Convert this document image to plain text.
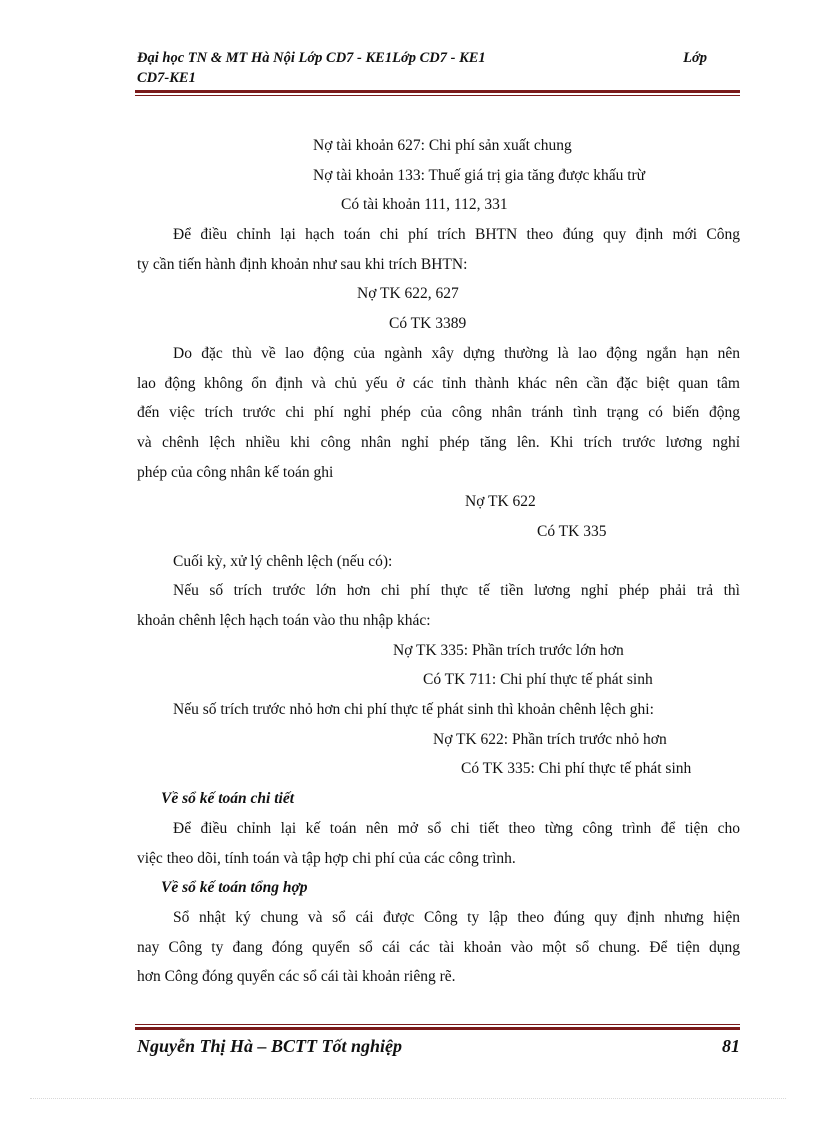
Đại học TN & MT Hà Nội Lớp CD7 - KE1Lớp CD7 - KE1	Lớp
CD7-KE1
Nợ tài khoản 627: Chi phí sản xuất chung
Nợ tài khoản 133: Thuế giá trị gia tăng được khấu trừ
Có tài khoản 111, 112, 331
Để điều chỉnh lại hạch toán chi phí trích BHTN theo đúng quy định mới Công
ty cần tiến hành định khoản như sau khi trích BHTN:
Nợ TK 622, 627
Có TK 3389
Do đặc thù về lao động của ngành xây dựng thường là lao động ngắn hạn nên
lao động không ổn định và chủ yếu ở các tỉnh thành khác nên cần đặc biệt quan tâm
đến việc trích trước chi phí nghỉ phép của công nhân tránh tình trạng có biến động
và chênh lệch nhiều khi công nhân nghỉ phép tăng lên. Khi trích trước lương nghỉ
phép của công nhân kế toán ghi
Nợ TK 622
Có TK 335
Cuối kỳ, xử lý chênh lệch (nếu có):
Nếu số trích trước lớn hơn chi phí thực tế tiền lương nghỉ phép phải trả thì
khoản chênh lệch hạch toán vào thu nhập khác:
Nợ TK 335: Phần trích trước lớn hơn
Có TK 711: Chi phí thực tế phát sinh
Nếu số trích trước nhỏ hơn chi phí thực tế phát sinh thì khoản chênh lệch ghi:
Nợ TK 622: Phần trích trước nhỏ hơn
Có TK 335: Chi phí thực tế phát sinh
Về sổ kế toán chi tiết
Để điều chỉnh lại kế toán nên mở sổ chi tiết theo từng công trình để tiện cho
việc theo dõi, tính toán và tập hợp chi phí của các công trình.
Về sổ kế toán tổng hợp
Sổ nhật ký chung và sổ cái được Công ty lập theo đúng quy định nhưng hiện
nay Công ty đang đóng quyển sổ cái các tài khoản vào một sổ chung. Để tiện dụng
hơn Công đóng quyển các sổ cái tài khoản riêng rẽ.
Nguyễn Thị Hà – BCTT Tốt nghiệp	81
